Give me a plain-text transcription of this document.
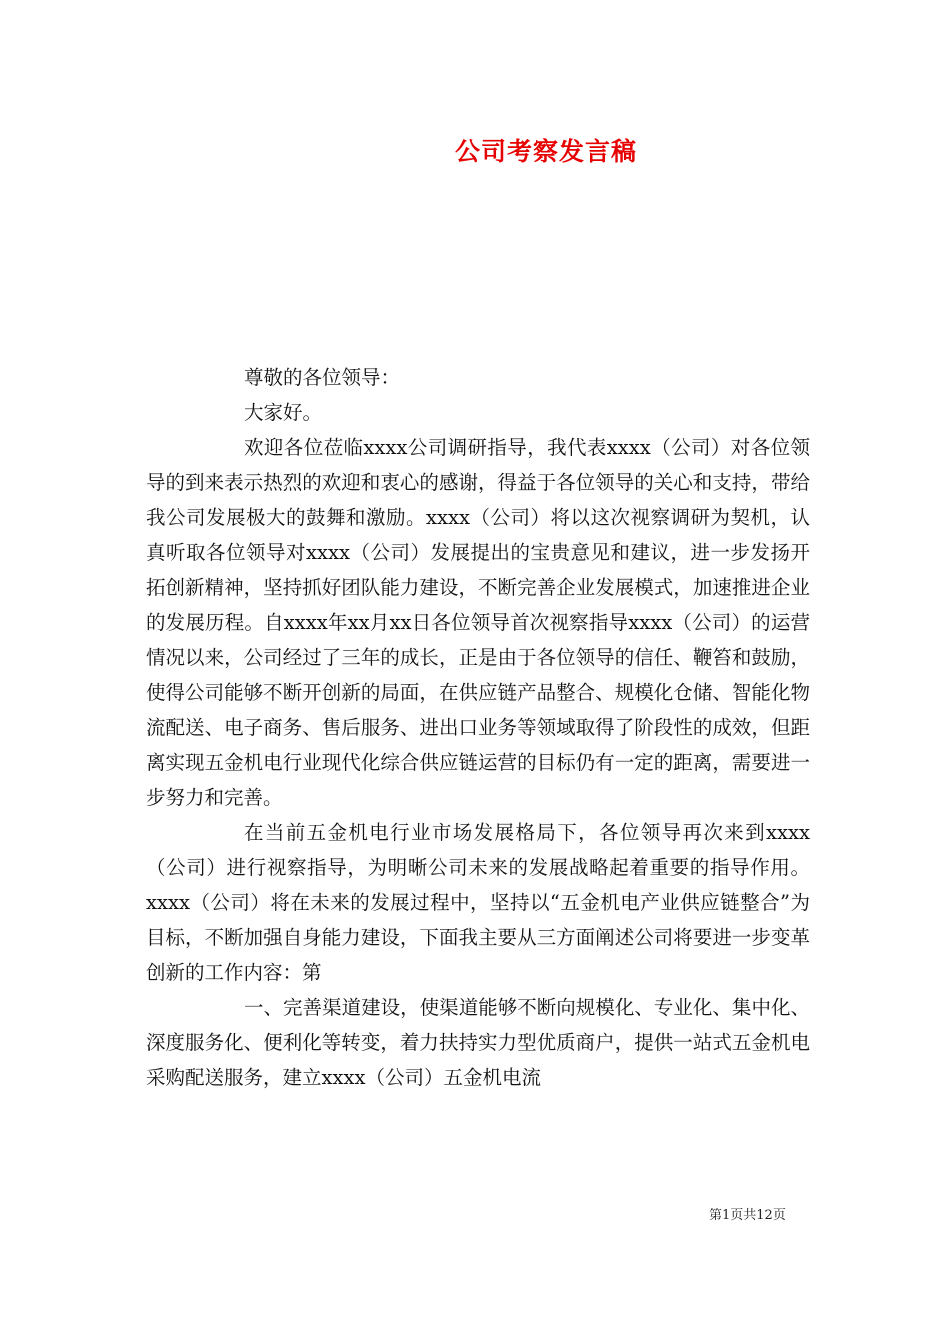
公司考察发言稿

尊敬的各位领导：

大家好。

欢迎各位莅临xxxx公司调研指导，我代表xxxx（公司）对各位领导的到来表示热烈的欢迎和衷心的感谢，得益于各位领导的关心和支持，带给我公司发展极大的鼓舞和激励。xxxx（公司）将以这次视察调研为契机，认真听取各位领导对xxxx（公司）发展提出的宝贵意见和建议，进一步发扬开拓创新精神，坚持抓好团队能力建设，不断完善企业发展模式，加速推进企业的发展历程。自xxxx年xx月xx日各位领导首次视察指导xxxx（公司）的运营情况以来，公司经过了三年的成长，正是由于各位领导的信任、鞭笞和鼓励，使得公司能够不断开创新的局面，在供应链产品整合、规模化仓储、智能化物流配送、电子商务、售后服务、进出口业务等领域取得了阶段性的成效，但距离实现五金机电行业现代化综合供应链运营的目标仍有一定的距离，需要进一步努力和完善。

在当前五金机电行业市场发展格局下，各位领导再次来到xxxx（公司）进行视察指导，为明晰公司未来的发展战略起着重要的指导作用。xxxx（公司）将在未来的发展过程中，坚持以“五金机电产业供应链整合”为目标，不断加强自身能力建设，下面我主要从三方面阐述公司将要进一步变革创新的工作内容：第

一、完善渠道建设，使渠道能够不断向规模化、专业化、集中化、深度服务化、便利化等转变，着力扶持实力型优质商户，提供一站式五金机电采购配送服务，建立xxxx（公司）五金机电流

第1页共12页
